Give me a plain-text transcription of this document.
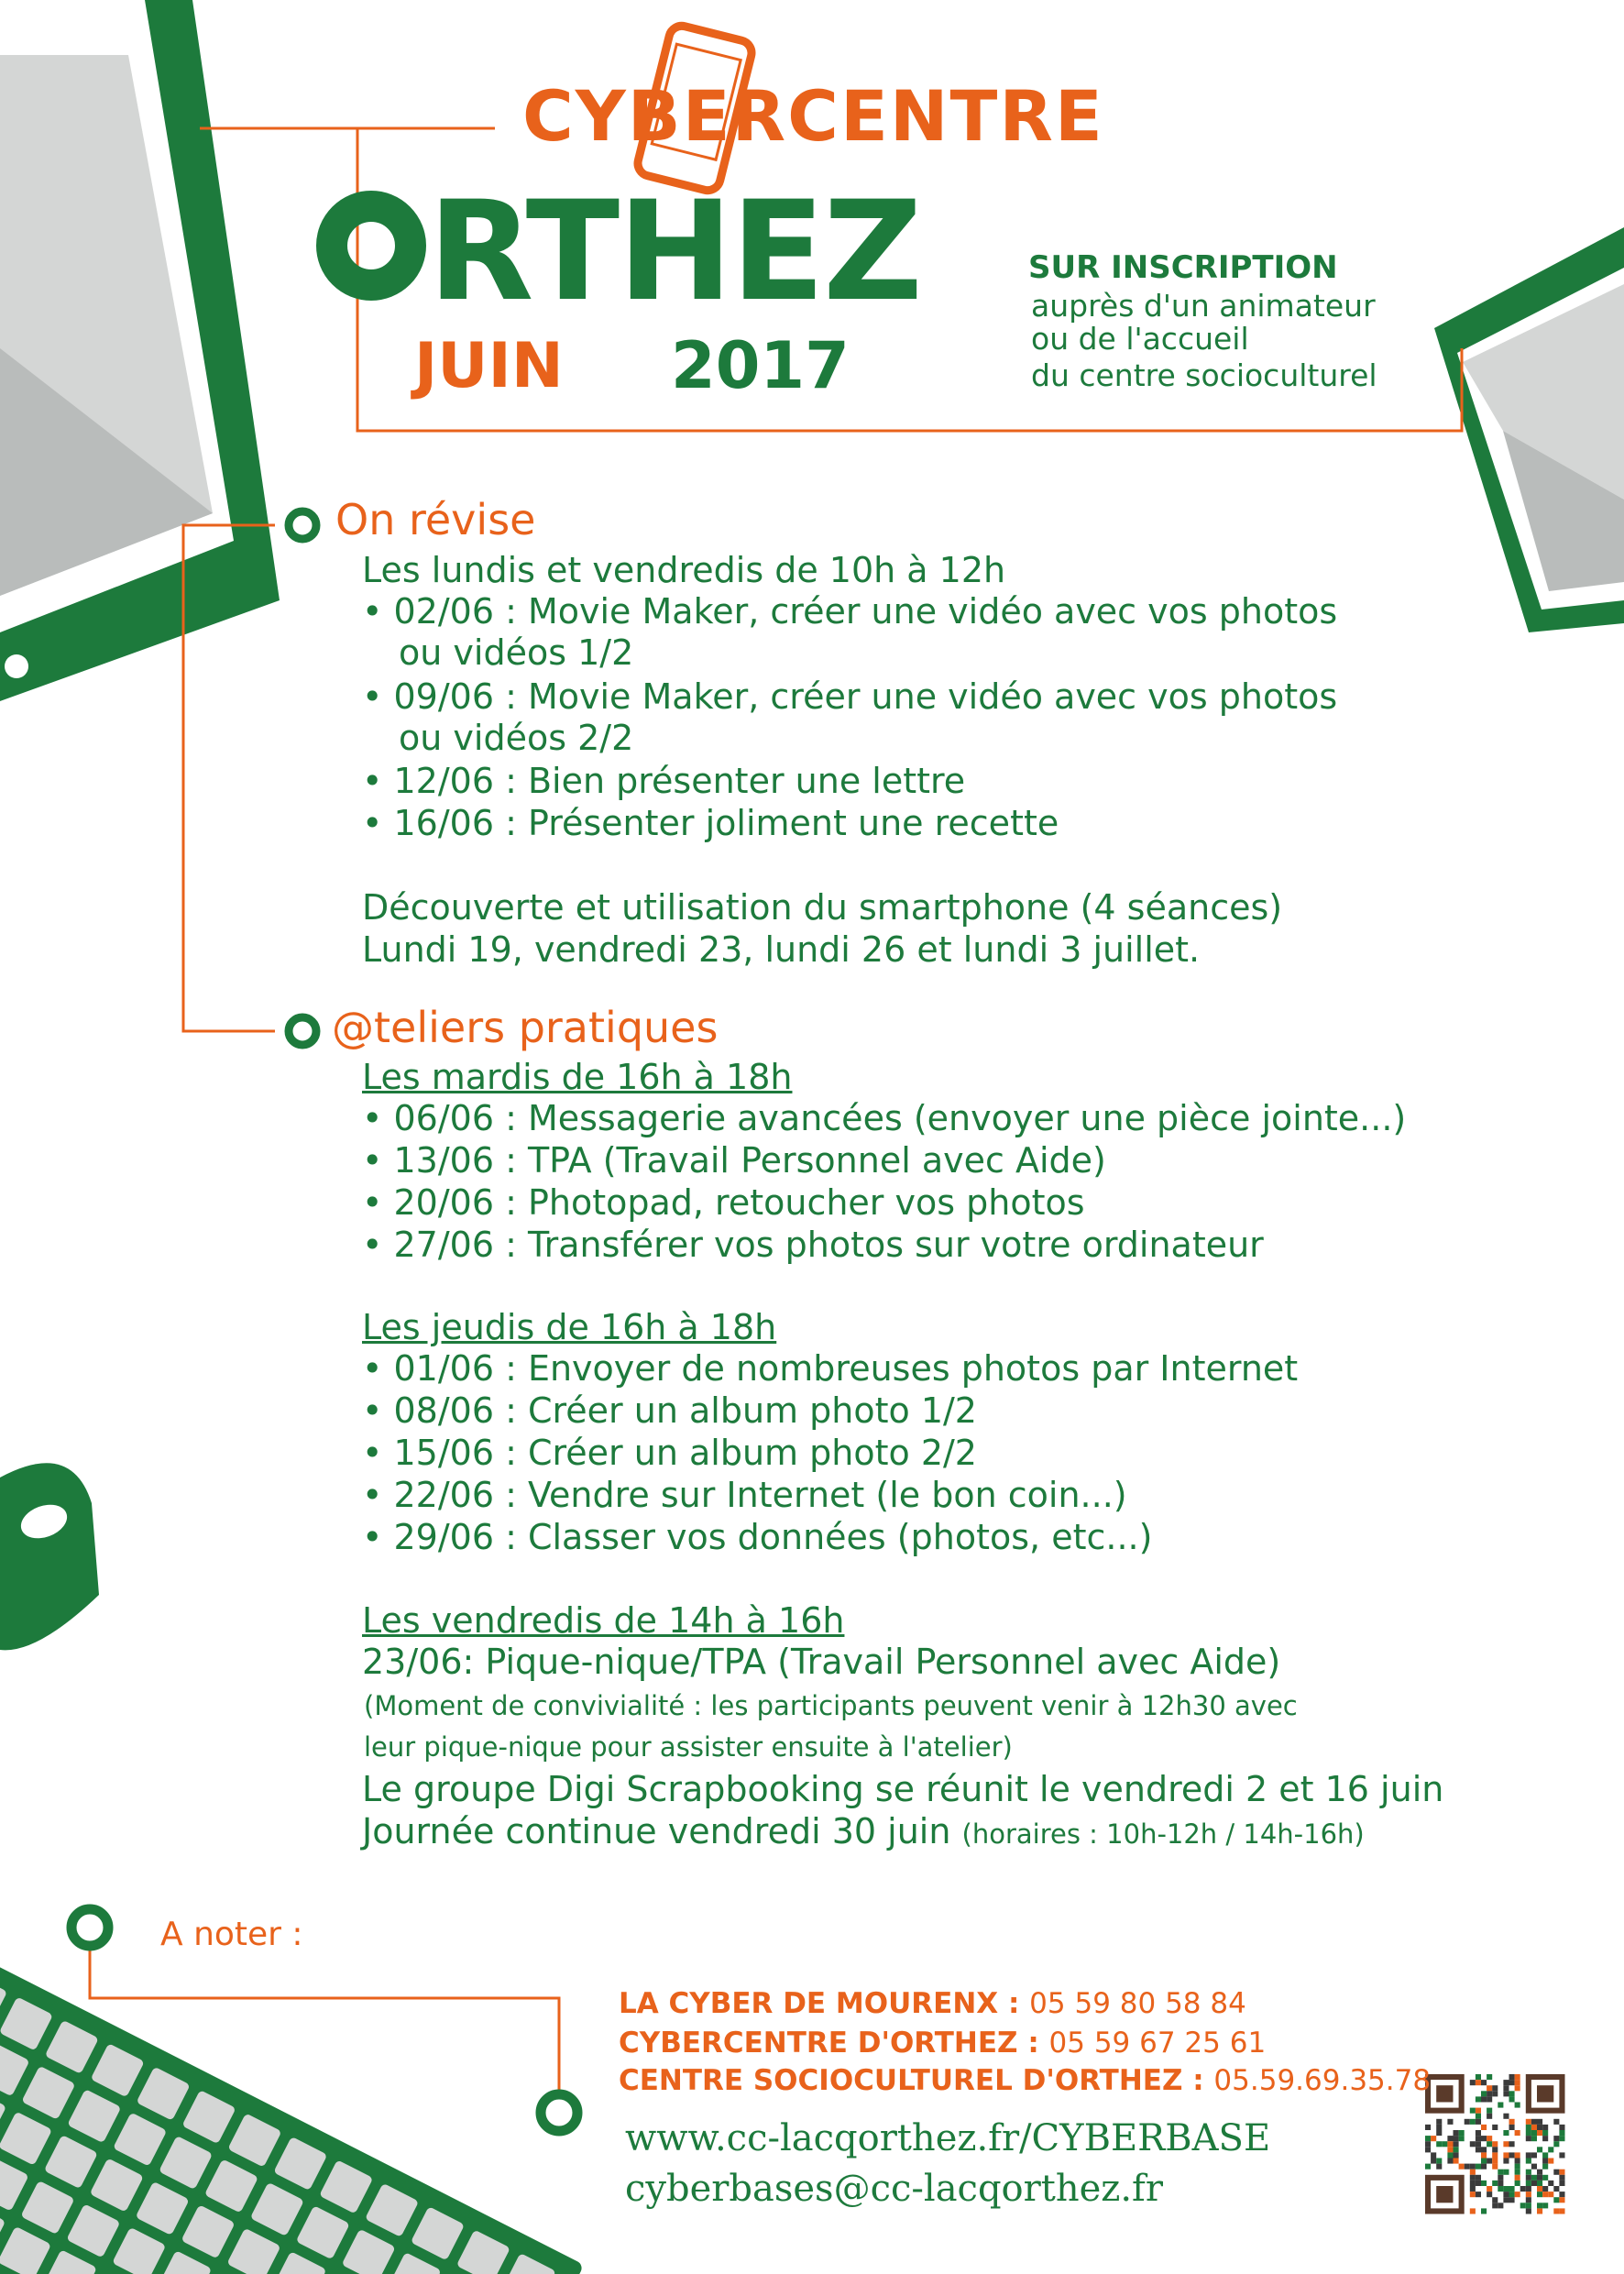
CYBERCENTRE
RTHEZ
JUIN 2017
SUR INSCRIPTION
auprès d'un animateur
ou de l'accueil
du centre socioculturel
On révise
Les lundis et vendredis de 10h à 12h
• 02/06 : Movie Maker, créer une vidéo avec vos photos
ou vidéos 1/2
• 09/06 : Movie Maker, créer une vidéo avec vos photos
ou vidéos 2/2
• 12/06 : Bien présenter une lettre
• 16/06 : Présenter joliment une recette
Découverte et utilisation du smartphone (4 séances)
Lundi 19, vendredi 23, lundi 26 et lundi 3 juillet.
@teliers pratiques
Les mardis de 16h à 18h
• 06/06 : Messagerie avancées (envoyer une pièce jointe...)
• 13/06 : TPA (Travail Personnel avec Aide)
• 20/06 : Photopad, retoucher vos photos
• 27/06 : Transférer vos photos sur votre ordinateur
Les jeudis de 16h à 18h
• 01/06 : Envoyer de nombreuses photos par Internet
• 08/06 : Créer un album photo 1/2
• 15/06 : Créer un album photo 2/2
• 22/06 : Vendre sur Internet (le bon coin...)
• 29/06 : Classer vos données (photos, etc...)
Les vendredis de 14h à 16h
23/06: Pique-nique/TPA (Travail Personnel avec Aide)
(Moment de convivialité : les participants peuvent venir à 12h30 avec
leur pique-nique pour assister ensuite à l'atelier)
Le groupe Digi Scrapbooking se réunit le vendredi 2 et 16 juin
Journée continue vendredi 30 juin (horaires : 10h-12h / 14h-16h)
A noter :
LA CYBER DE MOURENX : 05 59 80 58 84
CYBERCENTRE D'ORTHEZ : 05 59 67 25 61
CENTRE SOCIOCULTUREL D'ORTHEZ : 05.59.69.35.78
www.cc-lacqorthez.fr/CYBERBASE
cyberbases@cc-lacqorthez.fr
